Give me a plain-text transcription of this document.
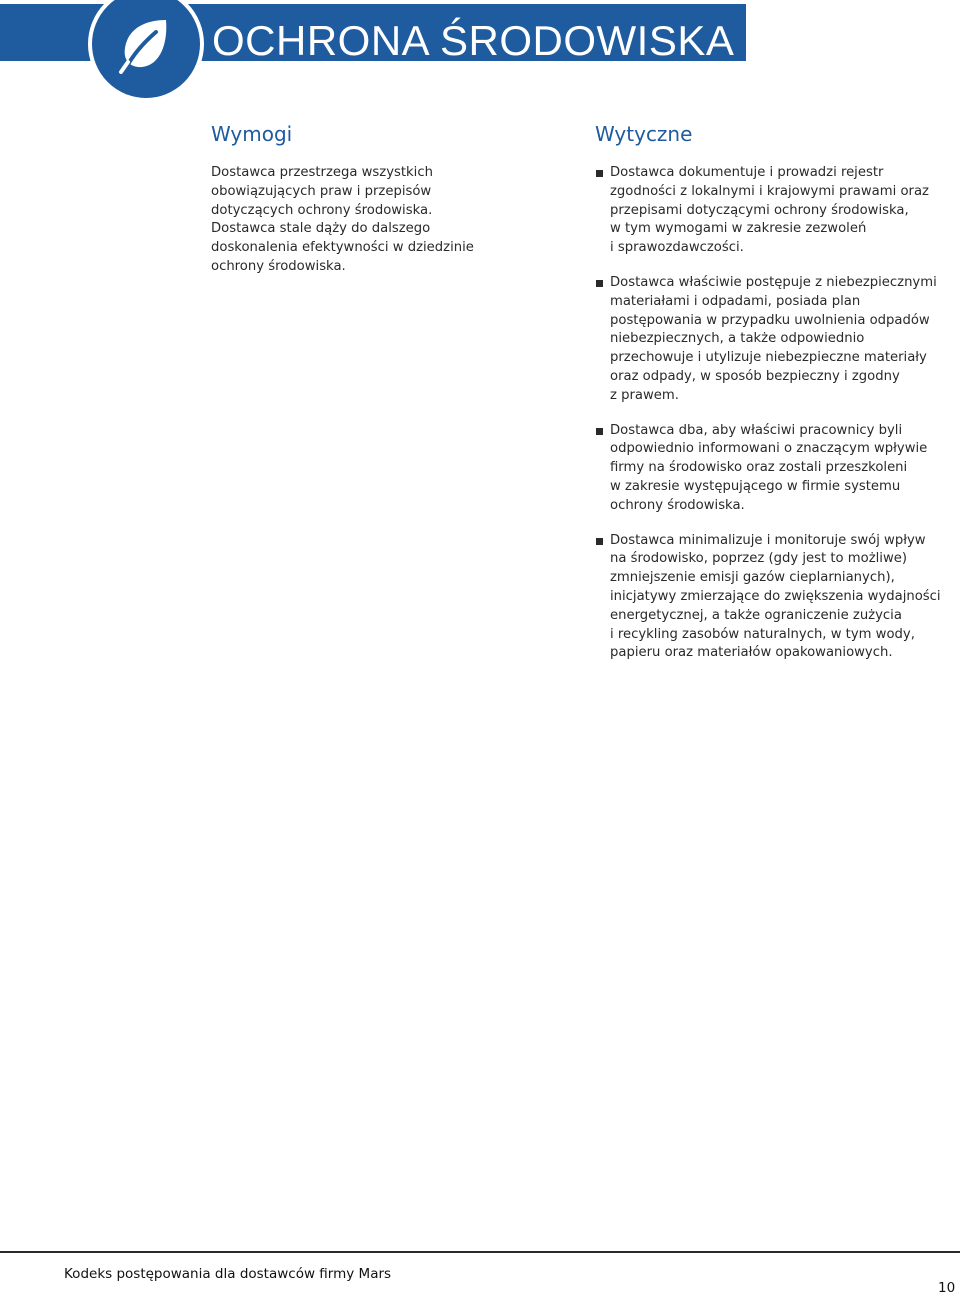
OCHRONA ŚRODOWISKA
Wymogi

Dostawca przestrzega wszystkich

obowiązujących praw i przepisów

dotyczących ochrony środowiska.

Dostawca stale dąży do dalszego

doskonalenia efektywności w dziedzinie

ochrony środowiska.

Wytyczne
Dostawca dokumentuje i prowadzi rejestr
zgodności z lokalnymi i krajowymi prawami oraz
przepisami dotyczącymi ochrony środowiska,
w tym wymogami w zakresie zezwoleń
i sprawozdawczości.
Dostawca właściwie postępuje z niebezpiecznymi
materiałami i odpadami, posiada plan
postępowania w przypadku uwolnienia odpadów
niebezpiecznych, a także odpowiednio
przechowuje i utylizuje niebezpieczne materiały
oraz odpady, w sposób bezpieczny i zgodny
z prawem.
Dostawca dba, aby właściwi pracownicy byli
odpowiednio informowani o znaczącym wpływie
firmy na środowisko oraz zostali przeszkoleni
w zakresie występującego w firmie systemu
ochrony środowiska.
Dostawca minimalizuje i monitoruje swój wpływ
na środowisko, poprzez (gdy jest to możliwe)
zmniejszenie emisji gazów cieplarnianych),
inicjatywy zmierzające do zwiększenia wydajności
energetycznej, a także ograniczenie zużycia
i recykling zasobów naturalnych, w tym wody,
papieru oraz materiałów opakowaniowych.
Kodeks postępowania dla dostawców firmy Mars
10
